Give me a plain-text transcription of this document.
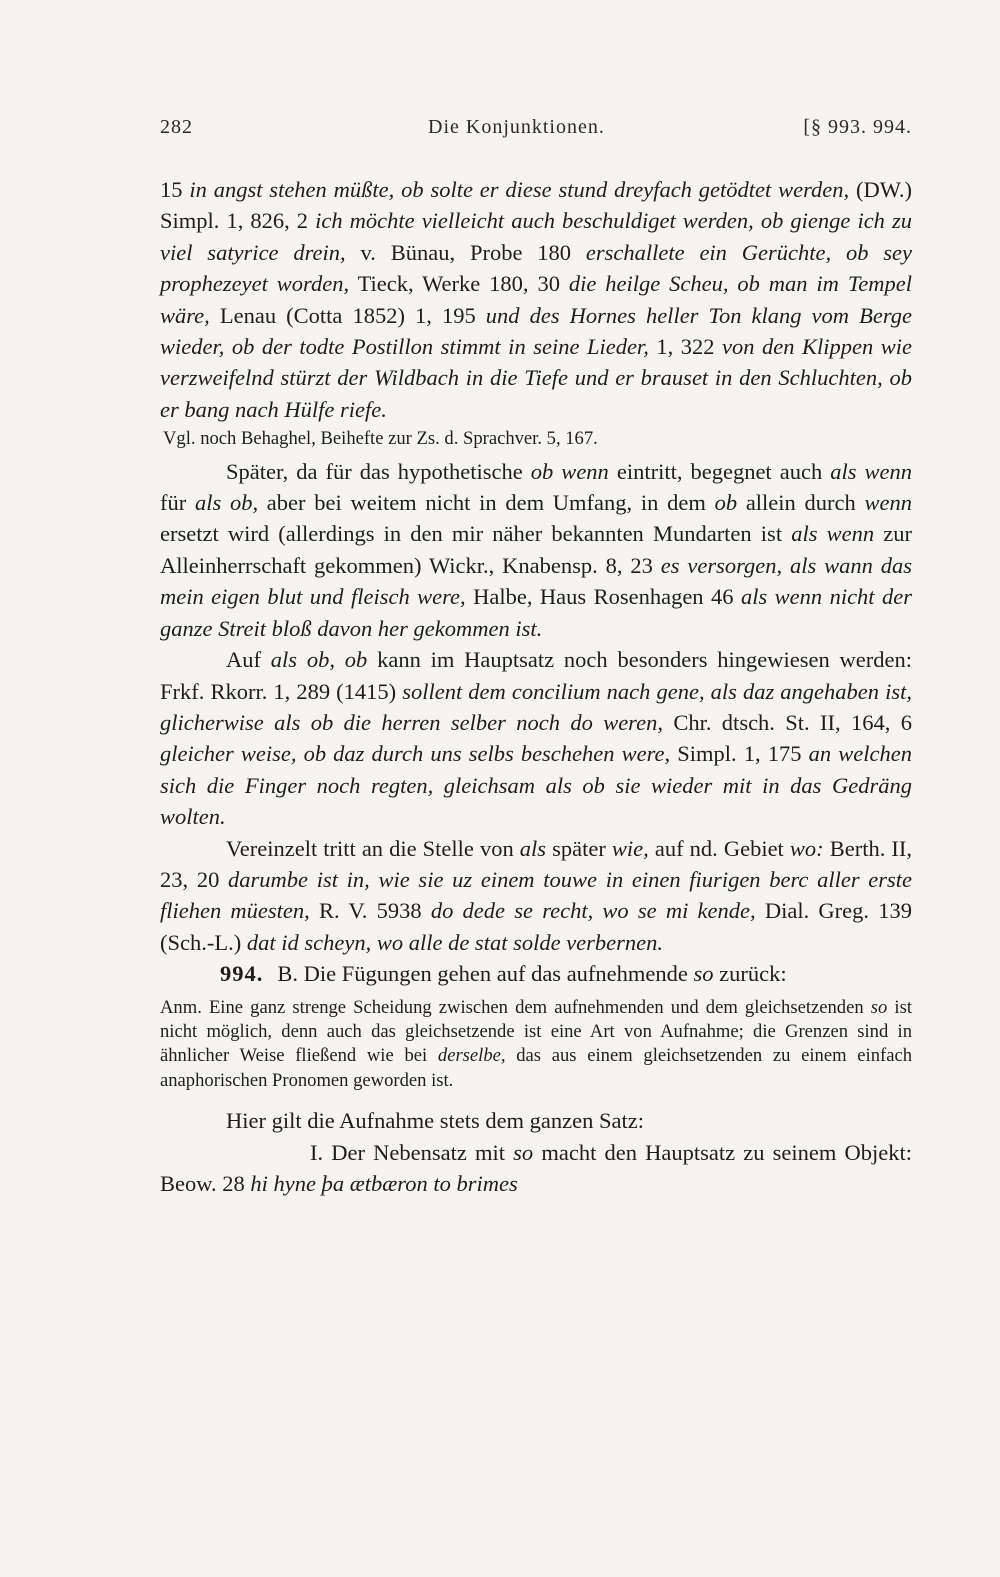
282	Die Konjunktionen.	[§ 993. 994.

15 in angst stehen müßte, ob solte er diese stund dreyfach getödtet werden, (DW.) Simpl. 1, 826, 2 ich möchte vielleicht auch beschuldiget werden, ob gienge ich zu viel satyrice drein, v. Bünau, Probe 180 erschallete ein Gerüchte, ob sey prophezeyet worden, Tieck, Werke 180, 30 die heilge Scheu, ob man im Tempel wäre, Lenau (Cotta 1852) 1, 195 und des Hornes heller Ton klang vom Berge wieder, ob der todte Postillon stimmt in seine Lieder, 1, 322 von den Klippen wie verzweifelnd stürzt der Wildbach in die Tiefe und er brauset in den Schluchten, ob er bang nach Hülfe riefe.

Vgl. noch Behaghel, Beihefte zur Zs. d. Sprachver. 5, 167.

Später, da für das hypothetische ob wenn eintritt, begegnet auch als wenn für als ob, aber bei weitem nicht in dem Umfang, in dem ob allein durch wenn ersetzt wird (allerdings in den mir näher bekannten Mundarten ist als wenn zur Alleinherrschaft gekommen) Wickr., Knabensp. 8, 23 es versorgen, als wann das mein eigen blut und fleisch were, Halbe, Haus Rosenhagen 46 als wenn nicht der ganze Streit bloß davon her gekommen ist.

Auf als ob, ob kann im Hauptsatz noch besonders hingewiesen werden: Frkf. Rkorr. 1, 289 (1415) sollent dem concilium nach gene, als daz angehaben ist, glicherwise als ob die herren selber noch do weren, Chr. dtsch. St. II, 164, 6 gleicher weise, ob daz durch uns selbs beschehen were, Simpl. 1, 175 an welchen sich die Finger noch regten, gleichsam als ob sie wieder mit in das Gedräng wolten.

Vereinzelt tritt an die Stelle von als später wie, auf nd. Gebiet wo: Berth. II, 23, 20 darumbe ist in, wie sie uz einem touwe in einen fiurigen berc aller erste fliehen müesten, R. V. 5938 do dede se recht, wo se mi kende, Dial. Greg. 139 (Sch.-L.) dat id scheyn, wo alle de stat solde verbernen.

994. B. Die Fügungen gehen auf das aufnehmende so zurück:

Anm. Eine ganz strenge Scheidung zwischen dem aufnehmenden und dem gleichsetzenden so ist nicht möglich, denn auch das gleichsetzende ist eine Art von Aufnahme; die Grenzen sind in ähnlicher Weise fließend wie bei derselbe, das aus einem gleichsetzenden zu einem einfach anaphorischen Pronomen geworden ist.

Hier gilt die Aufnahme stets dem ganzen Satz:

I. Der Nebensatz mit so macht den Hauptsatz zu seinem Objekt: Beow. 28 hi hyne þa ætbæron to brimes
